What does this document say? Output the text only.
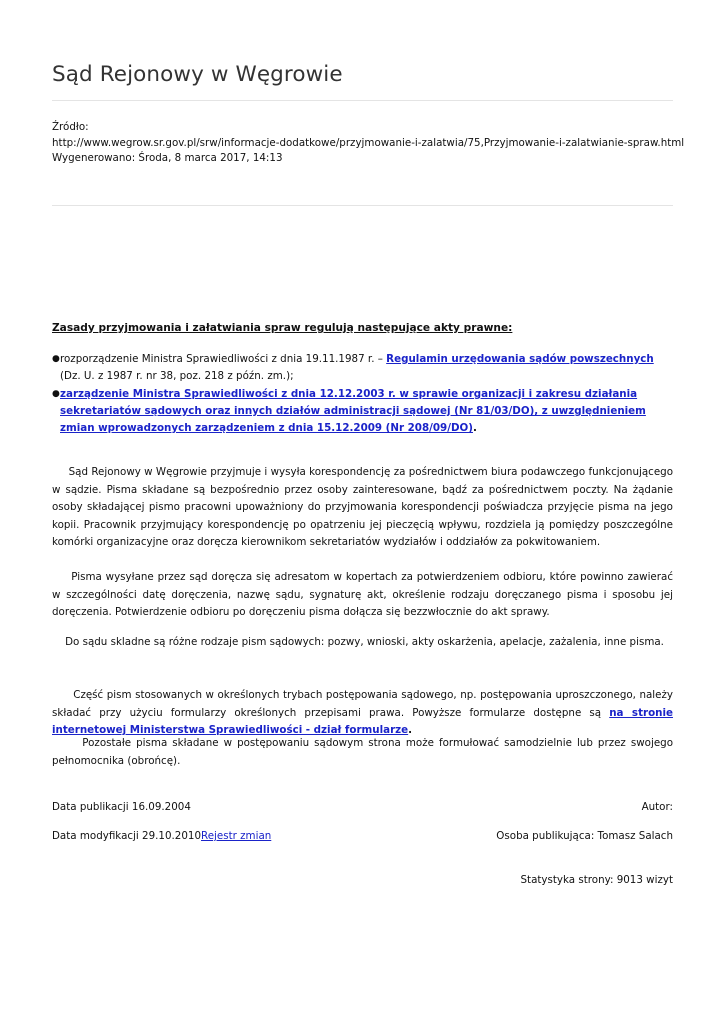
Sąd Rejonowy w Węgrowie
Źródło:
http://www.wegrow.sr.gov.pl/srw/informacje-dodatkowe/przyjmowanie-i-zalatwia/75,Przyjmowanie-i-zalatwianie-spraw.html
Wygenerowano: Środa, 8 marca 2017, 14:13
Zasady przyjmowania i załatwiania spraw regulują następujące akty prawne:
● rozporządzenie Ministra Sprawiedliwości z dnia 19.11.1987 r. – Regulamin urzędowania sądów powszechnych (Dz. U. z 1987 r. nr 38, poz. 218 z późn. zm.);
● zarządzenie Ministra Sprawiedliwości z dnia 12.12.2003 r. w sprawie organizacji i zakresu działania sekretariatów sądowych oraz innych działów administracji sądowej (Nr 81/03/DO), z uwzględnieniem zmian wprowadzonych zarządzeniem z dnia 15.12.2009 (Nr 208/09/DO).
Sąd Rejonowy w Węgrowie przyjmuje i wysyła korespondencję za pośrednictwem biura podawczego funkcjonującego w sądzie. Pisma składane są bezpośrednio przez osoby zainteresowane, bądź za pośrednictwem poczty. Na żądanie osoby składającej pismo pracowni upoważniony do przyjmowania korespondencji poświadcza przyjęcie pisma na jego kopii. Pracownik przyjmujący korespondencję po opatrzeniu jej pieczęcią wpływu, rozdziela ją pomiędzy poszczególne komórki organizacyjne oraz doręcza kierownikom sekretariatów wydziałów i oddziałów za pokwitowaniem.
Pisma wysyłane przez sąd doręcza się adresatom w kopertach za potwierdzeniem odbioru, które powinno zawierać w szczególności datę doręczenia, nazwę sądu, sygnaturę akt, określenie rodzaju doręczanego pisma i sposobu jej doręczenia. Potwierdzenie odbioru po doręczeniu pisma dołącza się bezzwłocznie do akt sprawy.
Do sądu skladne są różne rodzaje pism sądowych: pozwy, wnioski, akty oskarżenia, apelacje, zażalenia, inne pisma.
Część pism stosowanych w określonych trybach postępowania sądowego, np. postępowania uproszczonego, należy składać przy użyciu formularzy określonych przepisami prawa. Powyższe formularze dostępne są na stronie internetowej Ministerstwa Sprawiedliwości - dział formularze.
Pozostałe pisma składane w postępowaniu sądowym strona może formułować samodzielnie lub przez swojego pełnomocnika (obrońcę).
Data publikacji 16.09.2004	Autor:
Data modyfikacji 29.10.2010Rejestr zmian	Osoba publikująca: Tomasz Salach
Statystyka strony: 9013 wizyt
